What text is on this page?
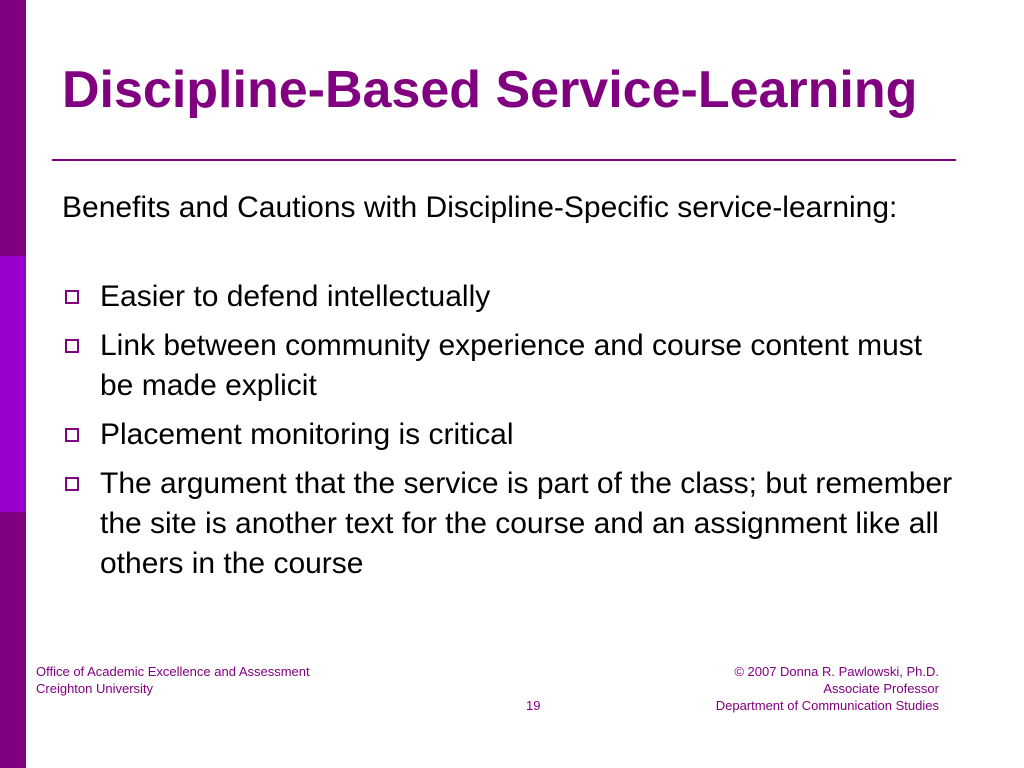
Discipline-Based Service-Learning
Benefits and Cautions with Discipline-Specific service-learning:
Easier to defend intellectually
Link between community experience and course content must be made explicit
Placement monitoring is critical
The argument that the service is part of the class; but remember the site is another text for the course and an assignment like all others in the course
Office of Academic Excellence and Assessment
Creighton University
19
© 2007 Donna R. Pawlowski, Ph.D.
Associate Professor
Department of Communication Studies
